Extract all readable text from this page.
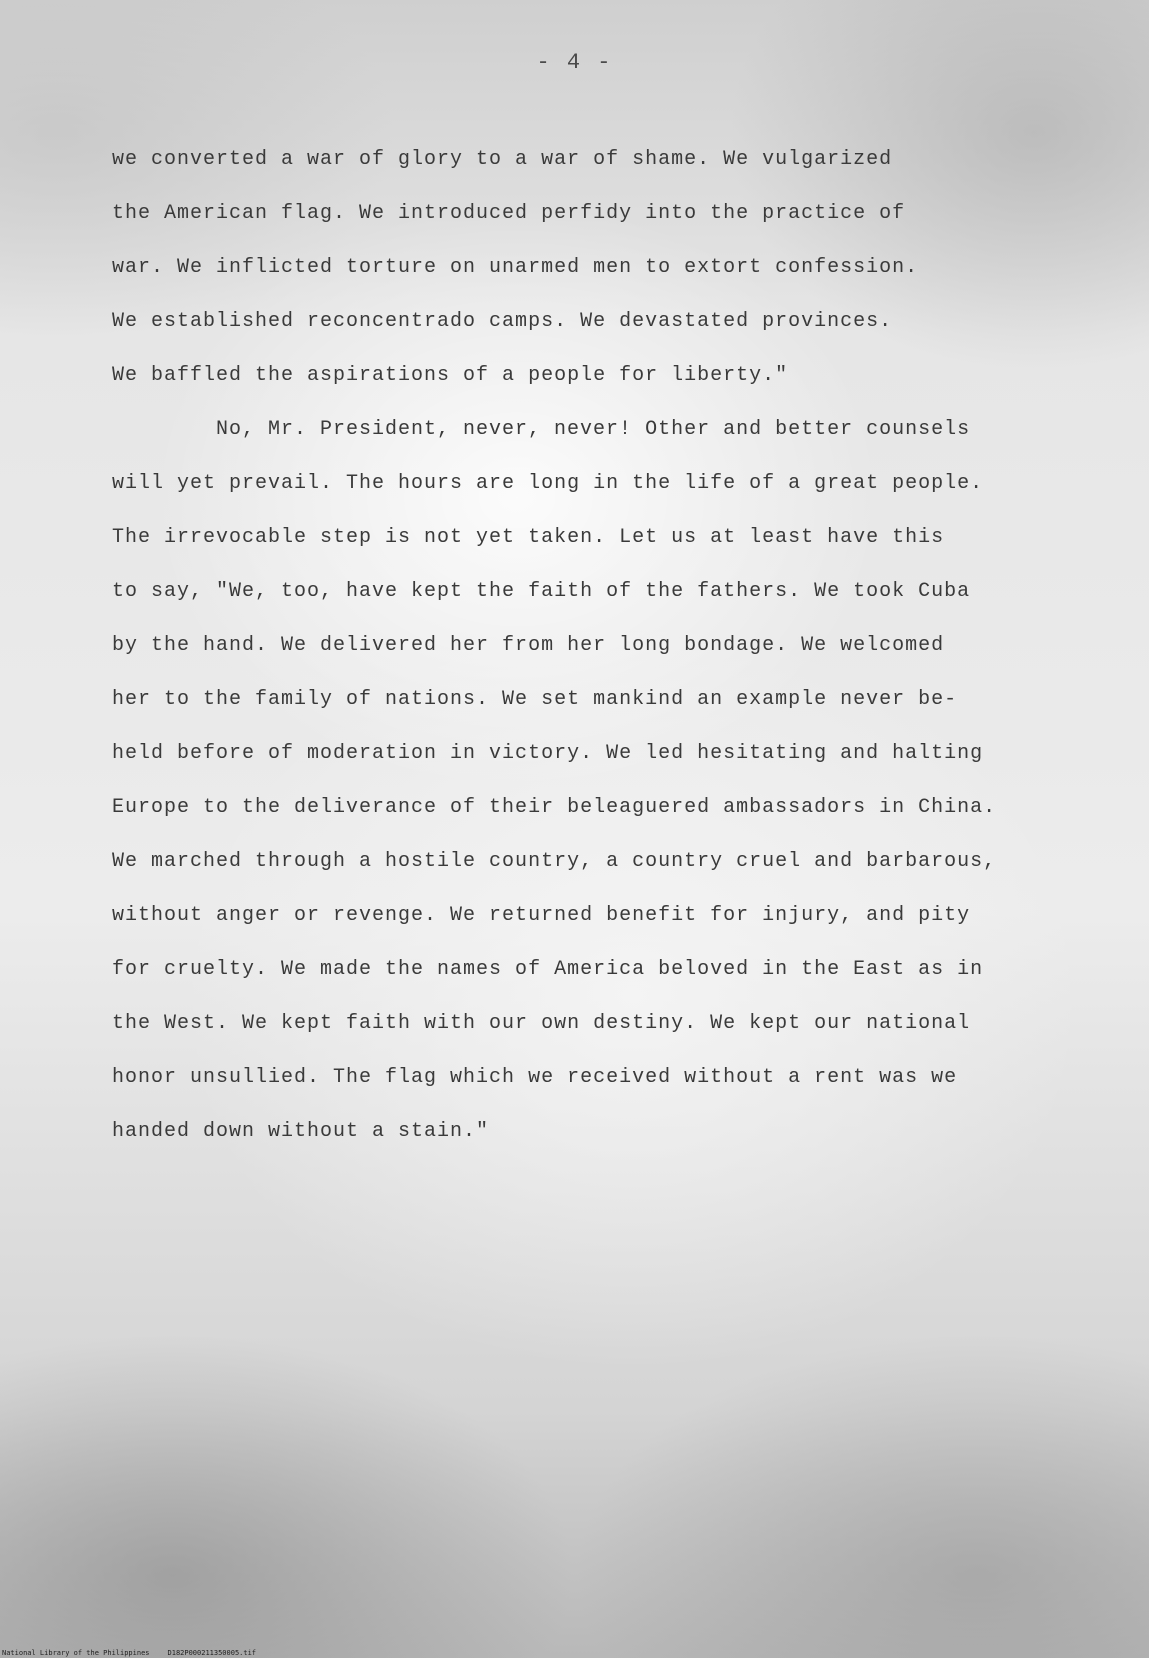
- 4 -
we converted a war of glory to a war of shame. We vulgarized
the American flag. We introduced perfidy into the practice of
war. We inflicted torture on unarmed men to extort confession.
We established reconcentrado camps. We devastated provinces.
We baffled the aspirations of a people for liberty."
No, Mr. President, never, never! Other and better counsels
will yet prevail. The hours are long in the life of a great people.
The irrevocable step is not yet taken. Let us at least have this
to say, "We, too, have kept the faith of the fathers. We took Cuba
by the hand. We delivered her from her long bondage. We welcomed
her to the family of nations. We set mankind an example never be-
held before of moderation in victory. We led hesitating and halting
Europe to the deliverance of their beleaguered ambassadors in China.
We marched through a hostile country, a country cruel and barbarous,
without anger or revenge. We returned benefit for injury, and pity
for cruelty. We made the names of America beloved in the East as in
the West. We kept faith with our own destiny. We kept our national
honor unsullied. The flag which we received without a rent was we
handed down without a stain."
National Library of the Philippines	D182P000211350005.tif
